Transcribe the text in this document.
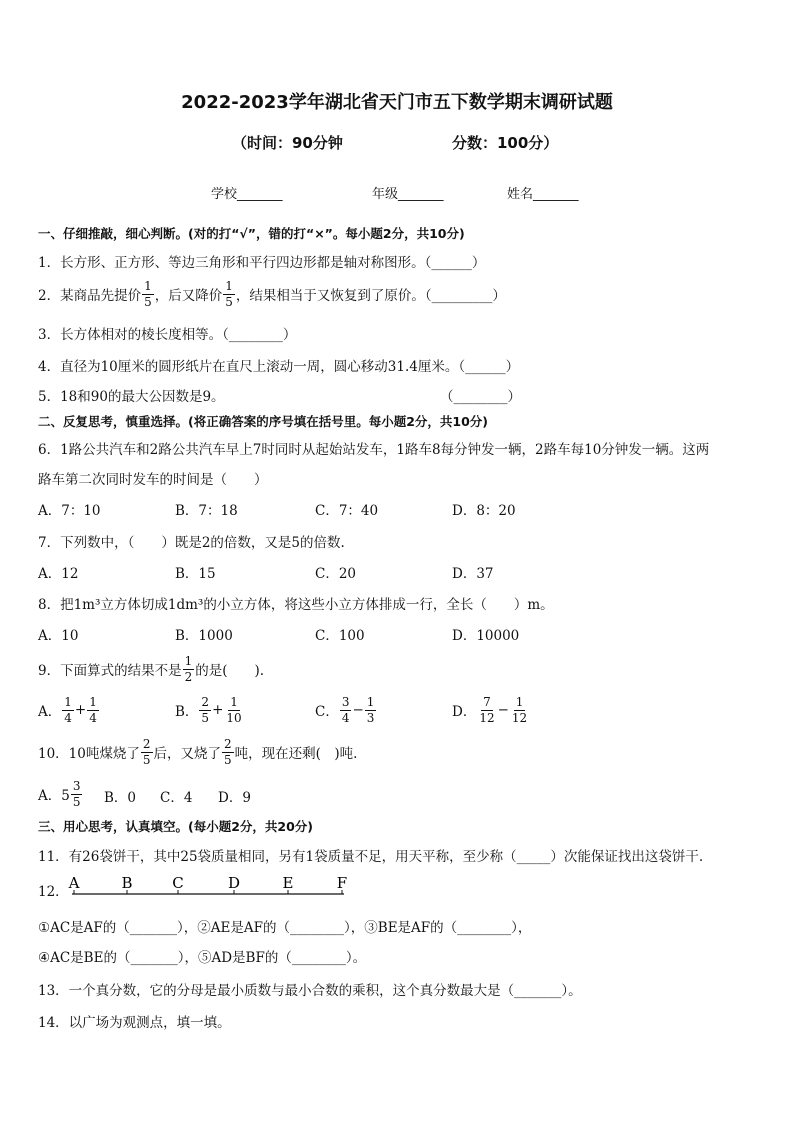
2022-2023学年湖北省天门市五下数学期末调研试题
（时间：90分钟	分数：100分）
学校_______	年级_______	姓名_______
一、仔细推敲，细心判断。(对的打“√”，错的打“×”。每小题2分，共10分)
1．长方形、正方形、等边三角形和平行四边形都是轴对称图形。（______）
2．某商品先提价 $\frac{1}{5}$ ，后又降价 $\frac{1}{5}$ ，结果相当于又恢复到了原价。（_________）
3．长方体相对的棱长度相等。（________）
4．直径为10厘米的圆形纸片在直尺上滚动一周，圆心移动31.4厘米。（______）
5．18和90的最大公因数是9。	（________）
二、反复思考，慎重选择。(将正确答案的序号填在括号里。每小题2分，共10分)
6．1路公共汽车和2路公共汽车早上7时同时从起始站发车，1路车8每分钟发一辆，2路车每10分钟发一辆。这两
路车第二次同时发车的时间是（　　）
A．7：10	B．7：18	C．7：40	D．8：20
7．下列数中，（　　）既是2的倍数，又是5的倍数.
A．12	B．15	C．20	D．37
8．把1m³立方体切成1dm³的小立方体，将这些小立方体排成一行，全长（　　）m。
A．10	B．1000	C．100	D．10000
9．下面算式的结果不是 $\frac{1}{2}$ 的是(　　).
A． $\frac{1}{4} + \frac{1}{4}$	B． $\frac{2}{5} + \frac{1}{10}$	C． $\frac{3}{4} - \frac{1}{3}$	D． $\frac{7}{12} - \frac{1}{12}$
10．10吨煤烧了 $\frac{2}{5}$ 后，又烧了 $\frac{2}{5}$ 吨，现在还剩(　)吨.
A．$5 \frac{3}{5}$ B．0 C．4 D．9
三、用心思考，认真填空。(每小题2分，共20分)
11．有26袋饼干，其中25袋质量相同，另有1袋质量不足，用天平称，至少称（_____）次能保证找出这袋饼干.
12． A	B	C	D	E	F
①AC是AF的（_______），②AE是AF的（________），③BE是AF的（________），
④AC是BE的（_______），⑤AD是BF的（________）。
13．一个真分数，它的分母是最小质数与最小合数的乘积，这个真分数最大是（_______）。
14．以广场为观测点，填一填。
